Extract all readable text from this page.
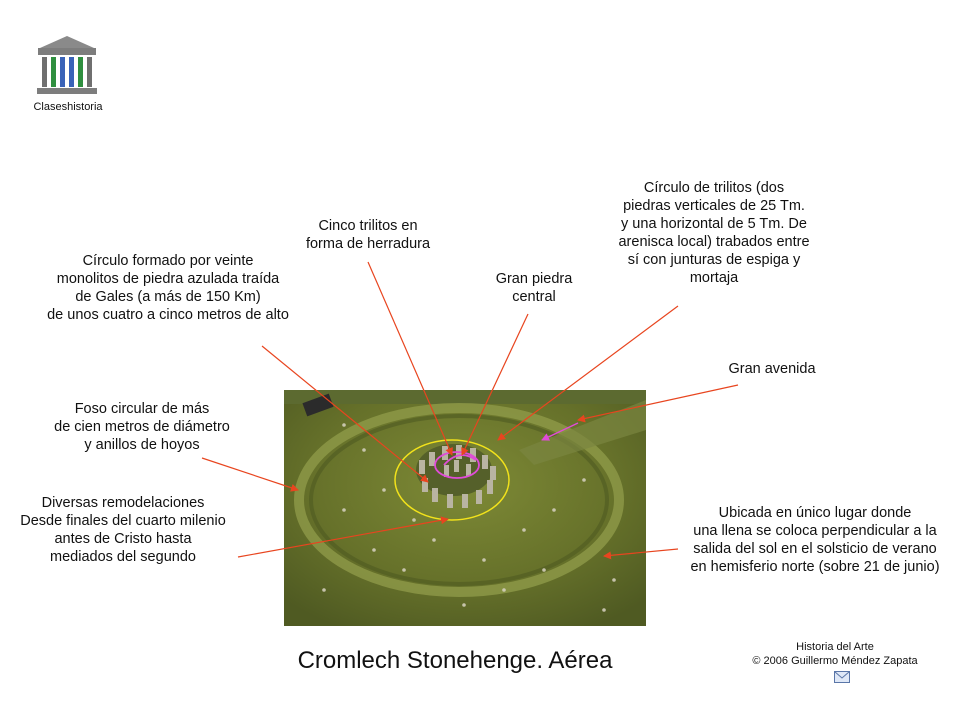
Claseshistoria
Cinco trilitos en
forma de herradura
Círculo de trilitos (dos
piedras verticales de 25 Tm.
y una horizontal de 5 Tm. De
arenisca local) trabados entre
sí con junturas de espiga y
mortaja
Círculo formado por veinte
monolitos de piedra azulada traída
de Gales (a más de 150 Km)
de unos cuatro a cinco metros de alto
Gran piedra
central
Gran avenida
Foso circular de más
de cien metros de diámetro
y anillos de hoyos
Diversas remodelaciones
Desde finales del cuarto milenio
antes de Cristo hasta
mediados del segundo
Ubicada en único lugar donde
una llena se coloca perpendicular a la
salida del sol en el solsticio de verano
en hemisferio norte (sobre 21 de junio)
Cromlech Stonehenge. Aérea	Historia del Arte
© 2006 Guillermo Méndez Zapata
